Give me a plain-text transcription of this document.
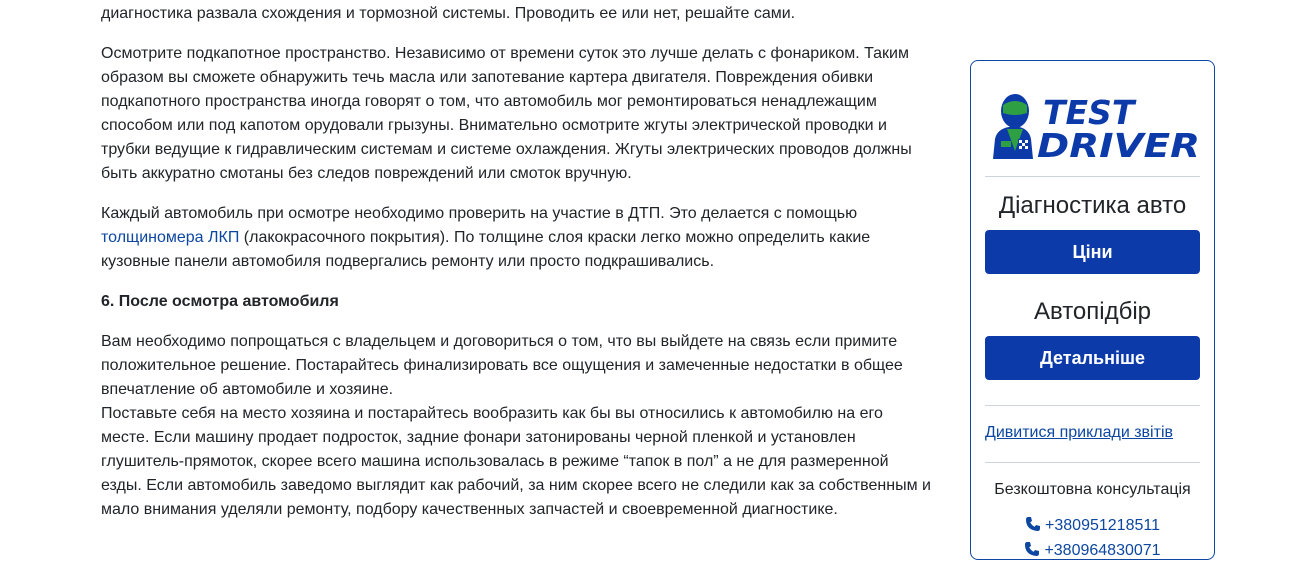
диагностика развала схождения и тормозной системы. Проводить ее или нет, решайте сами.

Осмотрите подкапотное пространство. Независимо от времени суток это лучше делать с фонариком. Таким образом вы сможете обнаружить течь масла или запотевание картера двигателя. Повреждения обивки подкапотного пространства иногда говорят о том, что автомобиль мог ремонтироваться ненадлежащим способом или под капотом орудовали грызуны. Внимательно осмотрите жгуты электрической проводки и трубки ведущие к гидравлическим системам и системе охлаждения. Жгуты электрических проводов должны быть аккуратно смотаны без следов повреждений или смоток вручную.

Каждый автомобиль при осмотре необходимо проверить на участие в ДТП. Это делается с помощью толщиномера ЛКП (лакокрасочного покрытия). По толщине слоя краски легко можно определить какие кузовные панели автомобиля подвергались ремонту или просто подкрашивались.

6. После осмотра автомобиля

Вам необходимо попрощаться с владельцем и договориться о том, что вы выйдете на связь если примите положительное решение. Постарайтесь финализировать все ощущения и замеченные недостатки в общее впечатление об автомобиле и хозяине.

Поставьте себя на место хозяина и постарайтесь вообразить как бы вы относились к автомобилю на его месте. Если машину продает подросток, задние фонари затонированы черной пленкой и установлен глушитель-прямоток, скорее всего машина использовалась в режиме “тапок в пол” а не для размеренной езды. Если автомобиль заведомо выглядит как рабочий, за ним скорее всего не следили как за собственным и мало внимания уделяли ремонту, подбору качественных запчастей и своевременной диагностике.

TEST
DRIVER
Діагностика авто
Ціни
Автопідбір
Детальніше
Дивитися приклади звітів
Безкоштовна консультація
+380951218511
+380964830071
